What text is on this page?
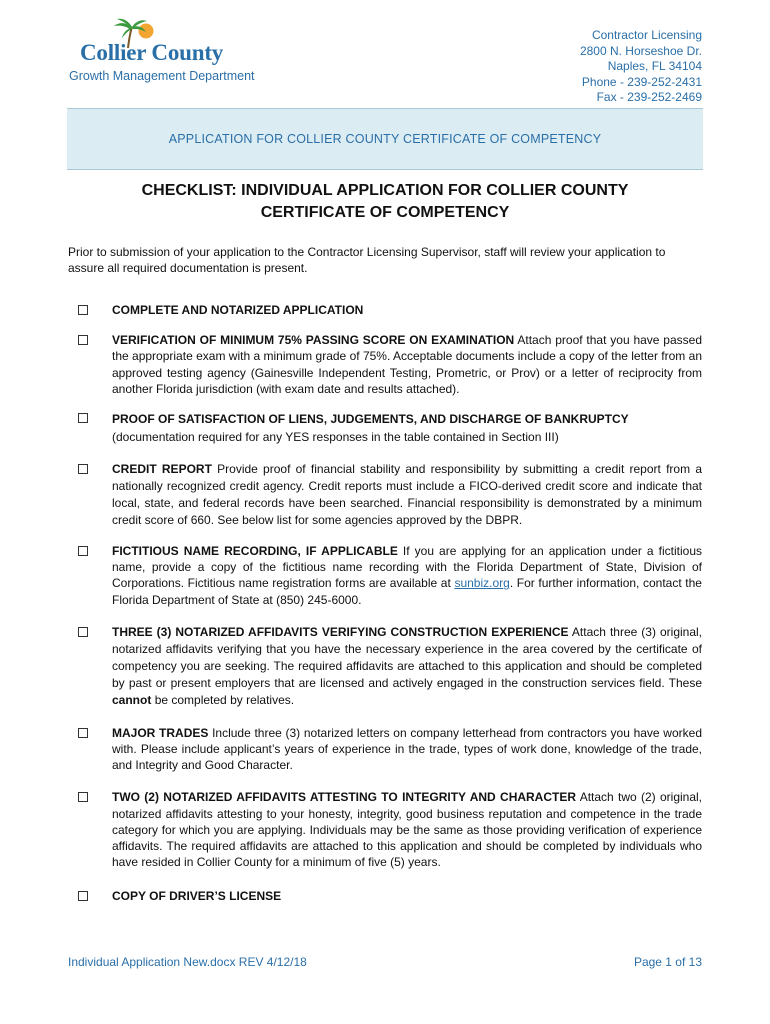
Collier County
Growth Management Department
Contractor Licensing
2800 N. Horseshoe Dr.
Naples, FL 34104
Phone - 239-252-2431
Fax - 239-252-2469
APPLICATION FOR COLLIER COUNTY CERTIFICATE OF COMPETENCY
CHECKLIST: INDIVIDUAL APPLICATION FOR COLLIER COUNTY
CERTIFICATE OF COMPETENCY
Prior to submission of your application to the Contractor Licensing Supervisor, staff will review your application to assure all required documentation is present.
COMPLETE AND NOTARIZED APPLICATION
VERIFICATION OF MINIMUM 75% PASSING SCORE ON EXAMINATION Attach proof that you have passed the appropriate exam with a minimum grade of 75%. Acceptable documents include a copy of the letter from an approved testing agency (Gainesville Independent Testing, Prometric, or Prov) or a letter of reciprocity from another Florida jurisdiction (with exam date and results attached).
PROOF OF SATISFACTION OF LIENS, JUDGEMENTS, AND DISCHARGE OF BANKRUPTCY
(documentation required for any YES responses in the table contained in Section III)
CREDIT REPORT Provide proof of financial stability and responsibility by submitting a credit report from a nationally recognized credit agency. Credit reports must include a FICO-derived credit score and indicate that local, state, and federal records have been searched. Financial responsibility is demonstrated by a minimum credit score of 660. See below list for some agencies approved by the DBPR.
FICTITIOUS NAME RECORDING, IF APPLICABLE If you are applying for an application under a fictitious name, provide a copy of the fictitious name recording with the Florida Department of State, Division of Corporations. Fictitious name registration forms are available at sunbiz.org. For further information, contact the Florida Department of State at (850) 245-6000.
THREE (3) NOTARIZED AFFIDAVITS VERIFYING CONSTRUCTION EXPERIENCE Attach three (3) original, notarized affidavits verifying that you have the necessary experience in the area covered by the certificate of competency you are seeking. The required affidavits are attached to this application and should be completed by past or present employers that are licensed and actively engaged in the construction services field. These cannot be completed by relatives.
MAJOR TRADES Include three (3) notarized letters on company letterhead from contractors you have worked with. Please include applicant’s years of experience in the trade, types of work done, knowledge of the trade, and Integrity and Good Character.
TWO (2) NOTARIZED AFFIDAVITS ATTESTING TO INTEGRITY AND CHARACTER Attach two (2) original, notarized affidavits attesting to your honesty, integrity, good business reputation and competence in the trade category for which you are applying. Individuals may be the same as those providing verification of experience affidavits. The required affidavits are attached to this application and should be completed by individuals who have resided in Collier County for a minimum of five (5) years.
COPY OF DRIVER’S LICENSE
Individual Application New.docx REV 4/12/18	Page 1 of 13
